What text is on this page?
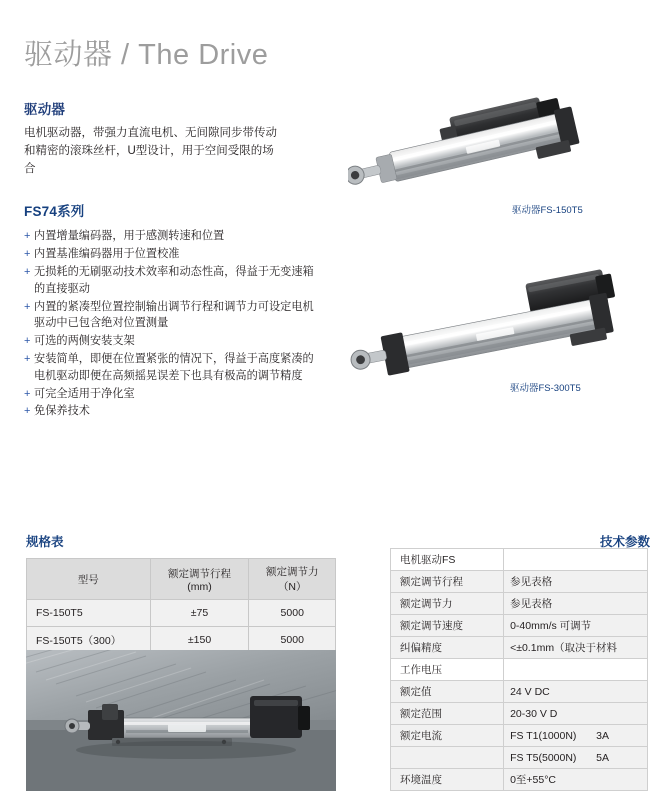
驱动器 / The Drive
驱动器

电机驱动器，带强力直流电机、无间隙同步带传动和精密的滚珠丝杆，U型设计，用于空间受限的场合

FS74系列
+ 内置增量编码器，用于感测转速和位置
+ 内置基准编码器用于位置校准
+ 无损耗的无刷驱动技术效率和动态性高，得益于无变速箱的直接驱动
+ 内置的紧凑型位置控制输出调节行程和调节力可设定电机驱动中已包含绝对位置测量
+ 可选的两侧安装支架
+ 安装简单，即便在位置紧张的情况下，得益于高度紧凑的电机驱动即便在高频摇晃误差下也具有极高的调节精度
+ 可完全适用于净化室
+ 免保养技术
驱动器FS-150T5
驱动器FS-300T5
规格表
型号	额定调节行程(mm)	额定调节力（N）
FS-150T5	±75	5000
FS-150T5（300）	±150	5000

技术参数
电机驱动FS	
额定调节行程	参见表格
额定调节力	参见表格
额定调节速度	0-40mm/s 可调节
纠偏精度	<±0.1mm（取决于材料
工作电压	
额定值	24 V DC
额定范围	20-30 V D
额定电流	FS T1(1000N) 3A

	FS T5(5000N) 5A

环境温度	0至+55°C
